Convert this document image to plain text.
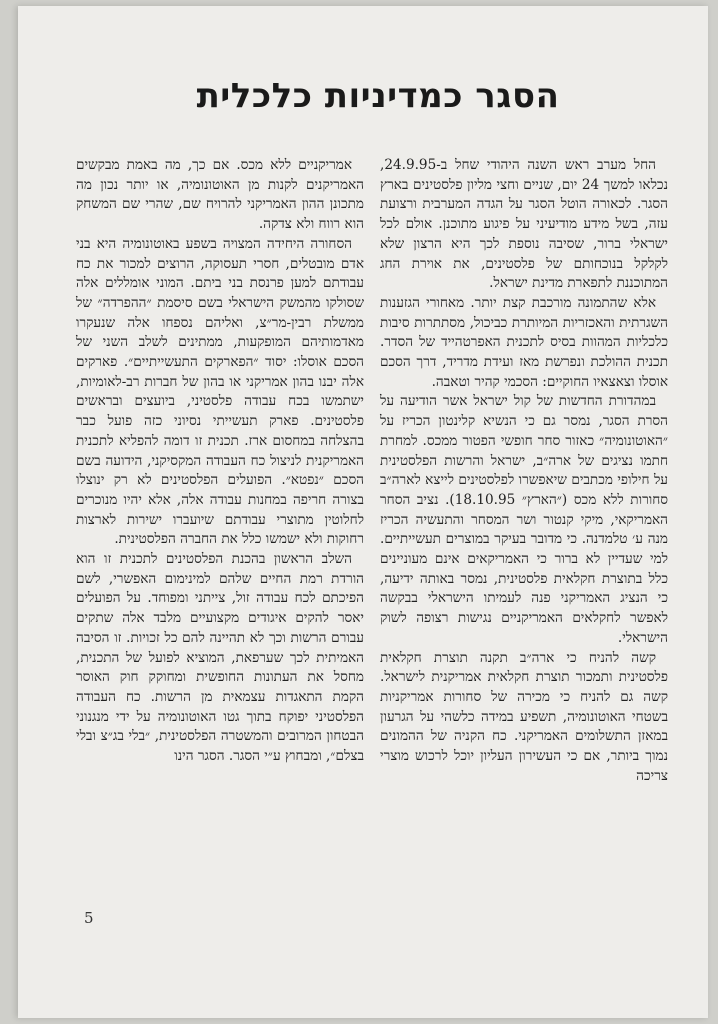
הסגר כמדיניות כלכלית

החל מערב ראש השנה היהודי שחל ב-24.9.95, נכלאו למשך 24 יום, שניים וחצי מליון פלסטינים בארץ הסגר. לכאורה הוטל הסגר על הגדה המערבית ורצועת עזה, בשל מידע מודיעיני על פיגוע מתוכנן. אולם לכל ישראלי ברור, שסיבה נוספת לכך היא הרצון שלא לקלקל בנוכחותם של פלסטינים, את אוירת החג המתוכננת לתפארת מדינת ישראל.

אלא שהתמונה מורכבת קצת יותר. מאחורי הגזענות השגרתית והאכזריות המיותרת כביכול, מסתתרות סיבות כלכליות המהוות בסיס לתכנית האפרטהייד של הסדר. תכנית ההולכת ונפרשת מאז ועידת מדריד, דרך הסכם אוסלו וצאצאיו החוקיים: הסכמי קהיר וטאבה.

במהדורת החדשות של קול ישראל אשר הודיעה על הסרת הסגר, נמסר גם כי הנשיא קלינטון הכריז על ״האוטונומיה״ כאזור סחר חופשי הפטור ממכס. למחרת חתמו נציגים של ארה״ב, ישראל והרשות הפלסטינית על חילופי מכתבים שיאפשרו לפלסטינים לייצא לארה״ב סחורות ללא מכס (״הארץ״ 18.10.95). נציב הסחר האמריקאי, מיקי קנטור ושר המסחר והתעשיה הכריז מנה ע׳ טלמדנה. כי מדובר בעיקר במוצרים תעשייתיים. למי שעדיין לא ברור כי האמריקאים אינם מעוניינים כלל בתוצרת חקלאית פלסטינית, נמסר באותה ידיעה, כי הנציג האמריקני פנה לעמיתו הישראלי בבקשה לאפשר לחקלאים האמריקניים נגישות רצופה לשוק הישראלי.

קשה להניח כי ארה״ב תקנה תוצרת חקלאית פלסטינית ותמכור תוצרת חקלאית אמריקנית לישראל. קשה גם להניח כי מכירה של סחורות אמריקניות בשטחי האוטונומיה, תשפיע במידה כלשהי על הגרעון במאזן התשלומים האמריקני. כח הקניה של ההמונים נמוך ביותר, אם כי העשירון העליון יוכל לרכוש מוצרי צריכה

אמריקניים ללא מכס. אם כך, מה באמת מבקשים האמריקנים לקנות מן האוטונומיה, או יותר נכון מה מתכונן ההון האמריקני להרויח שם, שהרי שם המשחק הוא רווח ולא צדקה.

הסחורה היחידה המצויה בשפע באוטונומיה היא בני אדם מובטלים, חסרי תעסוקה, הרוצים למכור את כח עבודתם למען פרנסת בני ביתם. המוני אומללים אלה שסולקו מהמשק הישראלי בשם סיסמת ״ההפרדה״ של ממשלת רבין-מר״צ, ואליהם נספחו אלה שנעקרו מאדמותיהם המופקעות, ממתינים לשלב השני של הסכם אוסלו: יסוד ״הפארקים התעשייתיים״. פארקים אלה יבנו בהון אמריקני או בהון של חברות רב-לאומיות, ישתמשו בכח עבודה פלסטיני, ביועצים ובראשים פלסטינים. פארק תעשייתי נסיוני כזה פועל כבר בהצלחה במחסום ארז. תכנית זו דומה להפליא לתכנית האמריקנית לניצול כח העבודה המקסיקני, הידועה בשם הסכם ״נפטא״. הפועלים הפלסטינים לא רק ינוצלו בצורה חריפה במחנות עבודה אלה, אלא יהיו מנוכרים לחלוטין מתוצרי עבודתם שיועברו ישירות לארצות רחוקות ולא ישמשו כלל את החברה הפלסטינית.

השלב הראשון בהכנת הפלסטינים לתכנית זו הוא הורדת רמת החיים שלהם למינימום האפשרי, לשם הפיכתם לכח עבודה זול, צייתני ומפוחד. על הפועלים יאסר להקים איגודים מקצועיים מלבד אלה שתקים עבורם הרשות וכך לא תהיינה להם כל זכויות. זו הסיבה האמיתית לכך שערפאת, המוציא לפועל של התכנית, מחסל את העתונות החופשית ומחוקק חוק האוסר הקמת התאגדות עצמאית מן הרשות. כח העבודה הפלסטיני יפוקח בתוך גטו האוטונומיה על ידי מנגנוני הבטחון המרובים והמשטרה הפלסטינית, ״בלי בג״צ ובלי בצלם״, ומבחוץ ע״י הסגר. הסגר הינו

5
